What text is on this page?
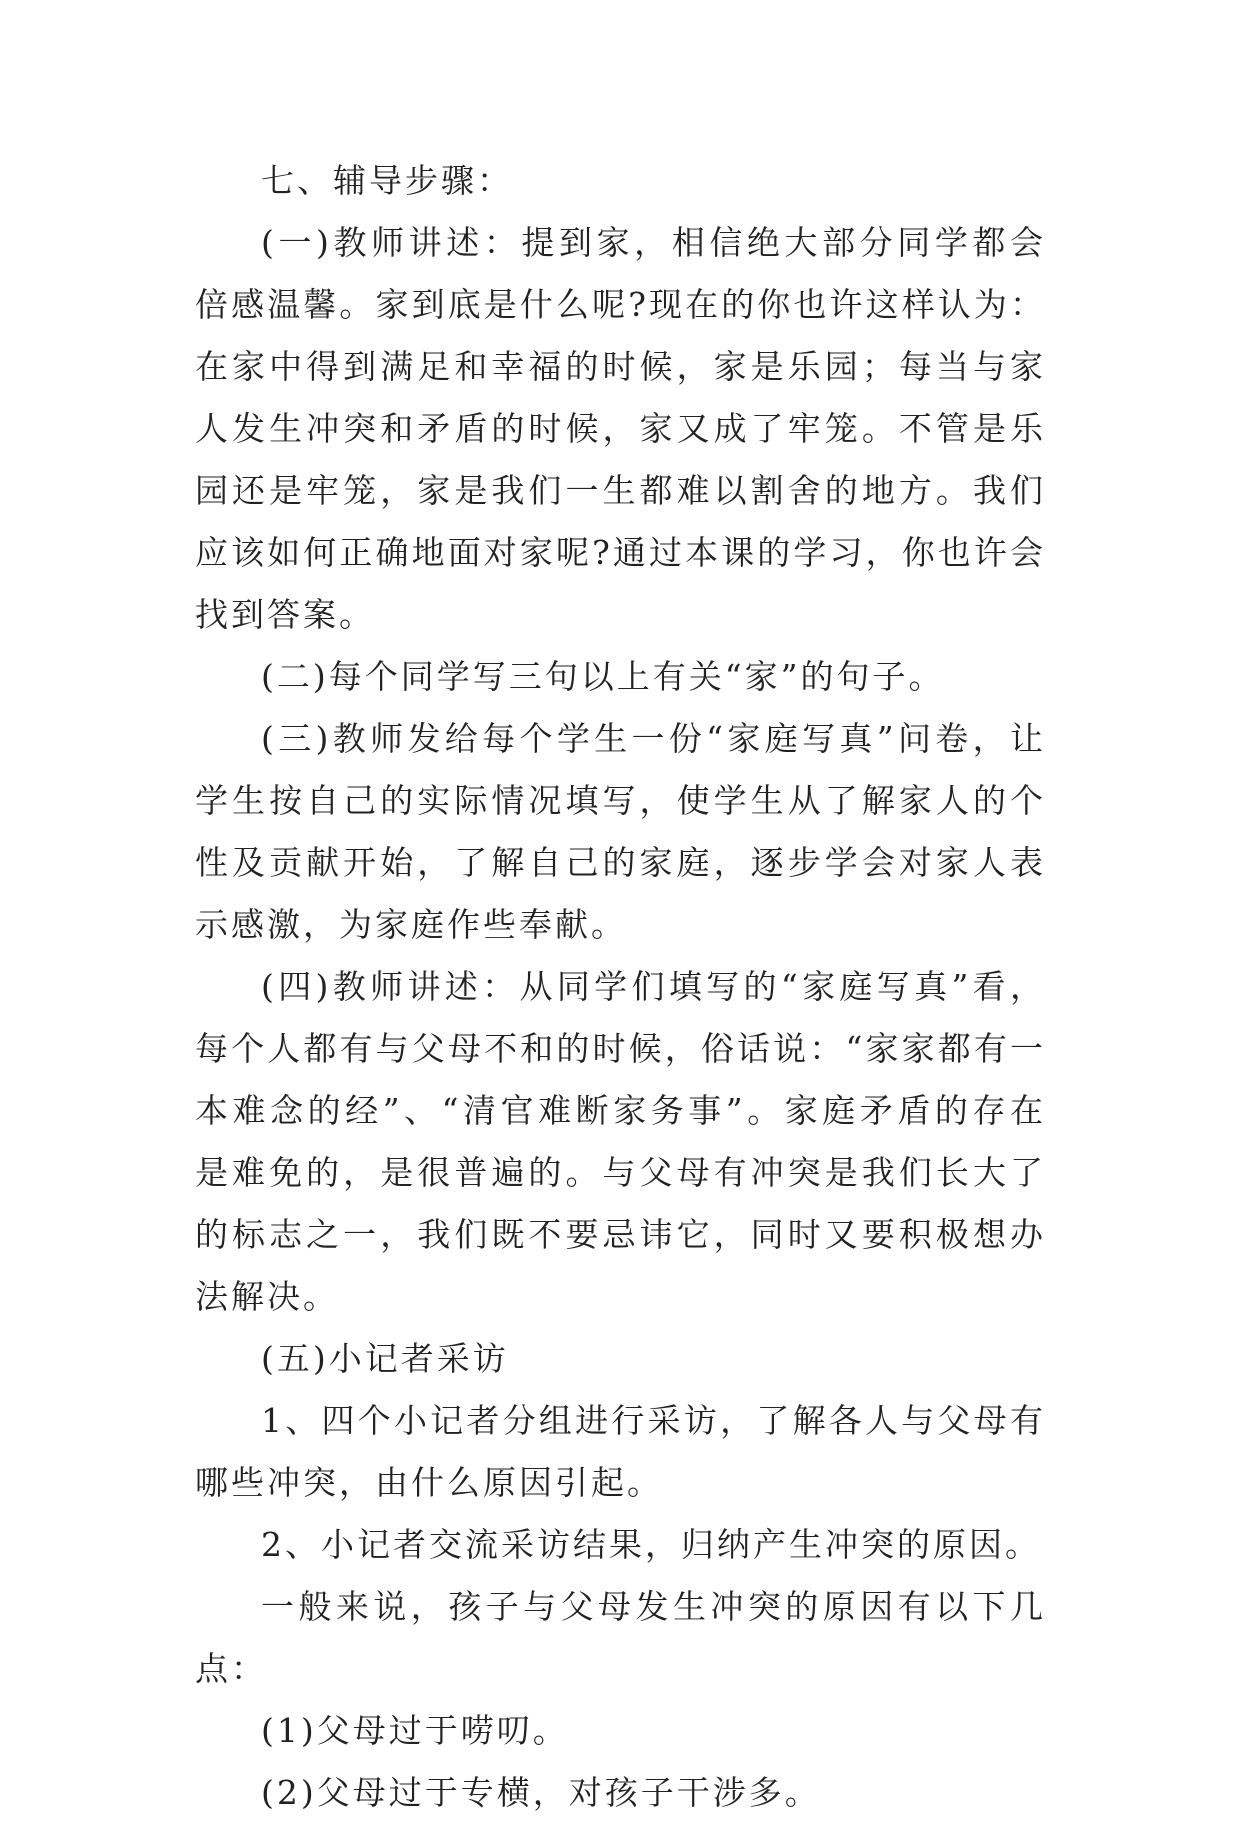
七、辅导步骤：

(一)教师讲述：提到家，相信绝大部分同学都会倍感温馨。家到底是什么呢?现在的你也许这样认为：在家中得到满足和幸福的时候，家是乐园；每当与家人发生冲突和矛盾的时候，家又成了牢笼。不管是乐园还是牢笼，家是我们一生都难以割舍的地方。我们应该如何正确地面对家呢?通过本课的学习，你也许会找到答案。

(二)每个同学写三句以上有关“家”的句子。

(三)教师发给每个学生一份“家庭写真”问卷，让学生按自己的实际情况填写，使学生从了解家人的个性及贡献开始，了解自己的家庭，逐步学会对家人表示感激，为家庭作些奉献。

(四)教师讲述：从同学们填写的“家庭写真”看，每个人都有与父母不和的时候，俗话说：“家家都有一本难念的经”、“清官难断家务事”。家庭矛盾的存在是难免的，是很普遍的。与父母有冲突是我们长大了的标志之一，我们既不要忌讳它，同时又要积极想办法解决。

(五)小记者采访

1、四个小记者分组进行采访，了解各人与父母有哪些冲突，由什么原因引起。

2、小记者交流采访结果，归纳产生冲突的原因。

一般来说，孩子与父母发生冲突的原因有以下几点：

(1)父母过于唠叨。

(2)父母过于专横，对孩子干涉多。
